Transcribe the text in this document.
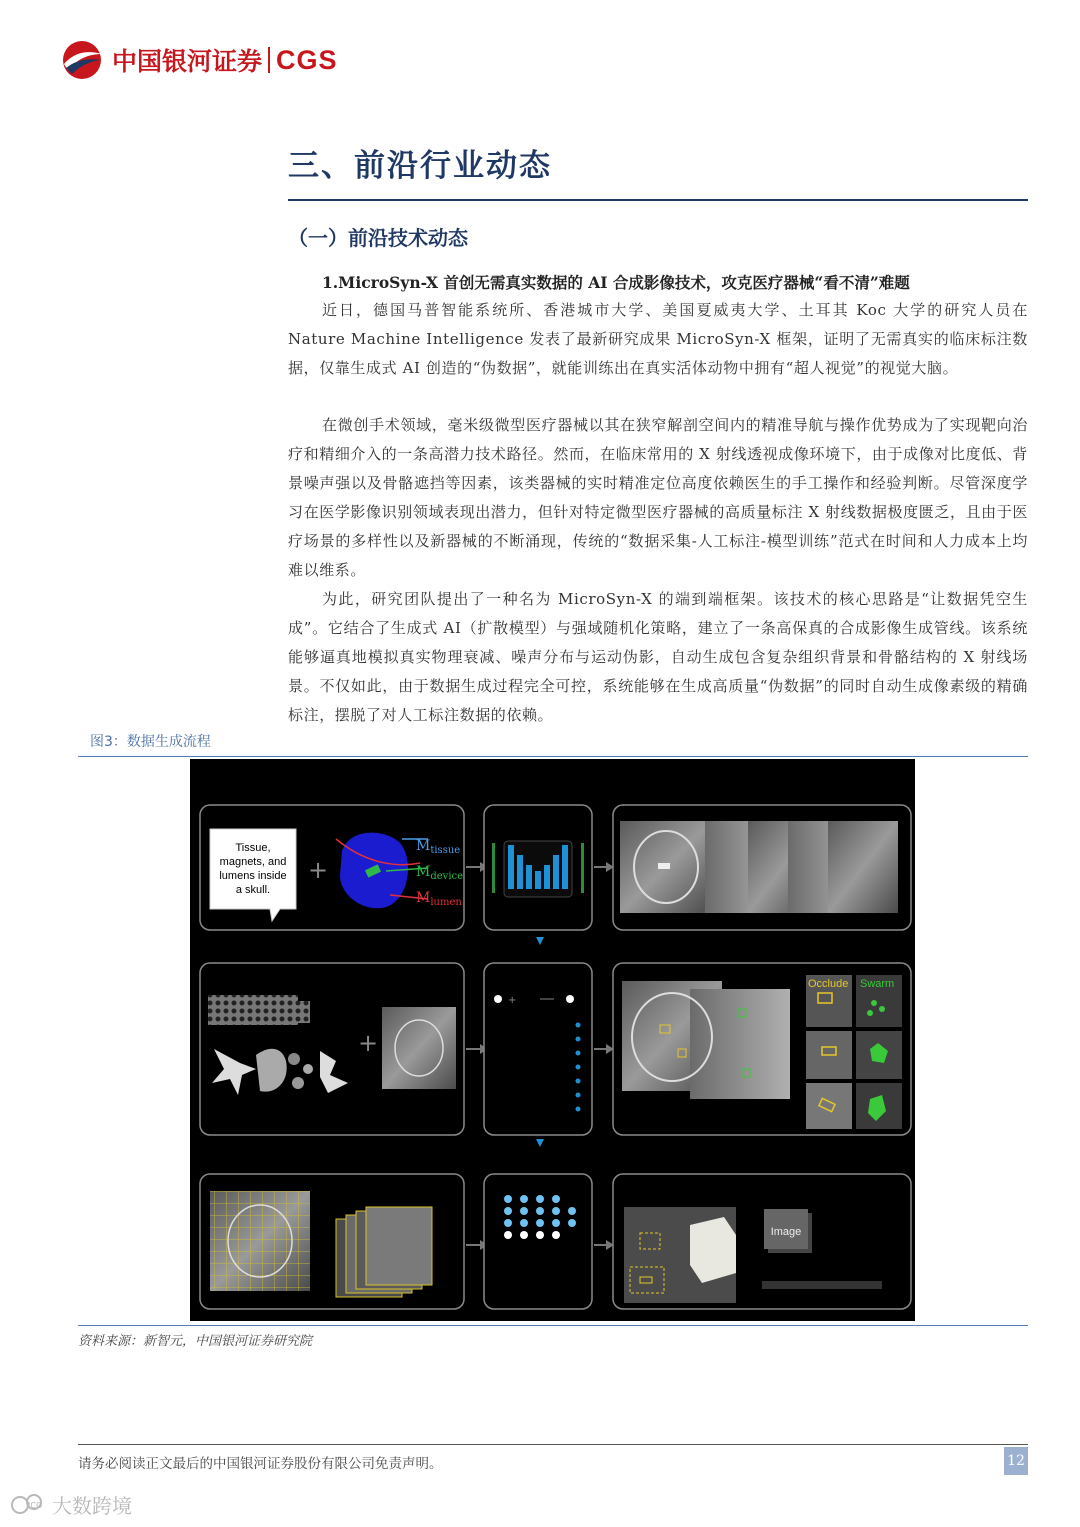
中国银河证券 CGS
三、前沿行业动态
（一）前沿技术动态
1.MicroSyn-X 首创无需真实数据的 AI 合成影像技术，攻克医疗器械“看不清”难题

近日，德国马普智能系统所、香港城市大学、美国夏威夷大学、土耳其 Koc 大学的研究人员在 Nature Machine Intelligence 发表了最新研究成果 MicroSyn-X 框架，证明了无需真实的临床标注数据，仅靠生成式 AI 创造的“伪数据”，就能训练出在真实活体动物中拥有“超人视觉”的视觉大脑。

在微创手术领域，毫米级微型医疗器械以其在狭窄解剖空间内的精准导航与操作优势成为了实现靶向治疗和精细介入的一条高潜力技术路径。然而，在临床常用的 X 射线透视成像环境下，由于成像对比度低、背景噪声强以及骨骼遮挡等因素，该类器械的实时精准定位高度依赖医生的手工操作和经验判断。尽管深度学习在医学影像识别领域表现出潜力，但针对特定微型医疗器械的高质量标注 X 射线数据极度匮乏，且由于医疗场景的多样性以及新器械的不断涌现，传统的“数据采集-人工标注-模型训练”范式在时间和人力成本上均难以维系。

为此，研究团队提出了一种名为 MicroSyn-X 的端到端框架。该技术的核心思路是“让数据凭空生成”。它结合了生成式 AI（扩散模型）与强域随机化策略，建立了一条高保真的合成影像生成管线。该系统能够逼真地模拟真实物理衰减、噪声分布与运动伪影，自动生成包含复杂组织背景和骨骼结构的 X 射线场景。不仅如此，由于数据生成过程完全可控，系统能够在生成高质量“伪数据”的同时自动生成像素级的精确标注，摆脱了对人工标注数据的依赖。

图3：数据生成流程
Tissue,
magnets, and
lumens inside
a skull.
+
$M_{tissue}$
$M_{device}$
$M_{lumen}$
+
+
Occlude Swarm
Image
资料来源：新智元，中国银河证券研究院
请务必阅读正文最后的中国银河证券股份有限公司免责声明。	12
ICO 大数跨境
